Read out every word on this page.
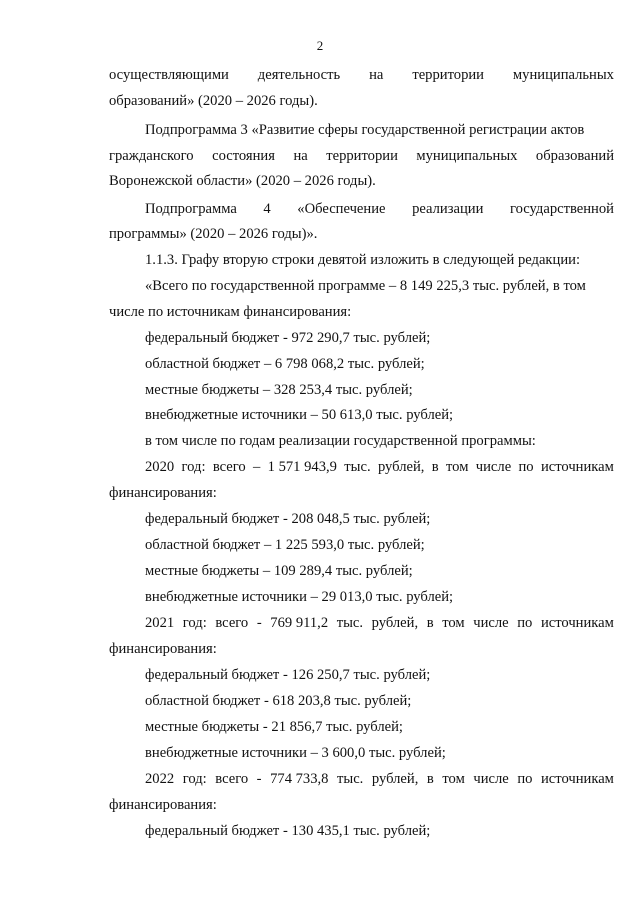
2
осуществляющими деятельность на территории муниципальных
образований» (2020 – 2026 годы).
Подпрограмма 3 «Развитие сферы государственной регистрации актов
гражданского состояния на территории муниципальных образований
Воронежской области» (2020 – 2026 годы).
Подпрограмма 4 «Обеспечение реализации государственной
программы» (2020 – 2026 годы)».
1.1.3. Графу вторую строки девятой изложить в следующей редакции:
«Всего по государственной программе – 8 149 225,3 тыс. рублей, в том
числе по источникам финансирования:
федеральный бюджет - 972 290,7 тыс. рублей;
областной бюджет – 6 798 068,2 тыс. рублей;
местные бюджеты – 328 253,4 тыс. рублей;
внебюджетные источники – 50 613,0 тыс. рублей;
в том числе по годам реализации государственной программы:
2020 год: всего – 1 571 943,9 тыс. рублей, в том числе по источникам
финансирования:
федеральный бюджет - 208 048,5 тыс. рублей;
областной бюджет – 1 225 593,0 тыс. рублей;
местные бюджеты – 109 289,4 тыс. рублей;
внебюджетные источники – 29 013,0 тыс. рублей;
2021 год: всего - 769 911,2 тыс. рублей, в том числе по источникам
финансирования:
федеральный бюджет - 126 250,7 тыс. рублей;
областной бюджет - 618 203,8 тыс. рублей;
местные бюджеты - 21 856,7 тыс. рублей;
внебюджетные источники – 3 600,0 тыс. рублей;
2022 год: всего - 774 733,8 тыс. рублей, в том числе по источникам
финансирования:
федеральный бюджет - 130 435,1 тыс. рублей;
